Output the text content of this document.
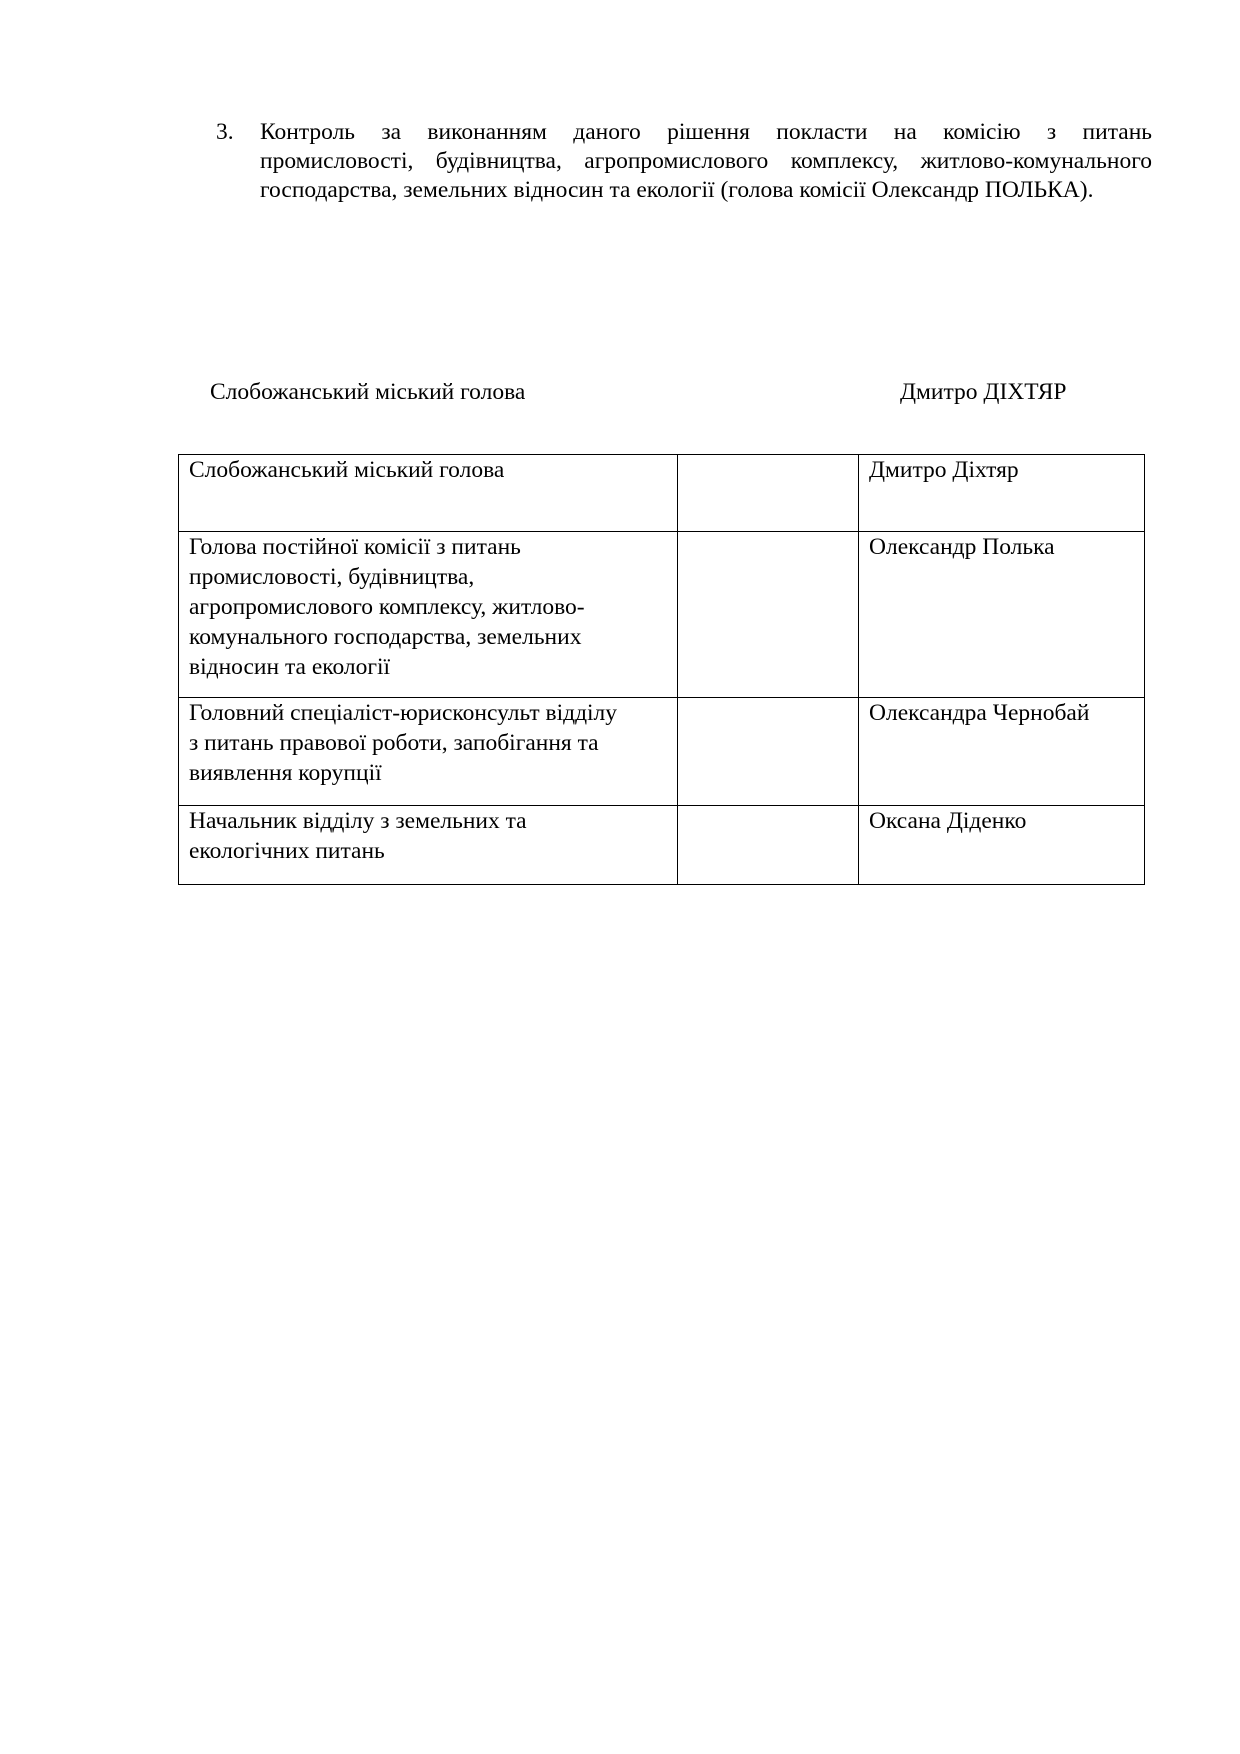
3.	Контроль за виконанням даного рішення покласти на комісію з питань
промисловості, будівництва, агропромислового комплексу, житлово-комунального
господарства, земельних відносин та екології (голова комісії Олександр ПОЛЬКА).
Слобожанський міський голова	Дмитро ДІХТЯР
Слобожанський міський голова		Дмитро Діхтяр

Голова постійної комісії з питань
промисловості, будівництва,
агропромислового комплексу, житлово-
комунального господарства, земельних
відносин та екології		Олександр Полька

Головний спеціаліст-юрисконсульт відділу
з питань правової роботи, запобігання та
виявлення корупції		Олександра Чернобай

Начальник відділу з земельних та
екологічних питань		Оксана Діденко
